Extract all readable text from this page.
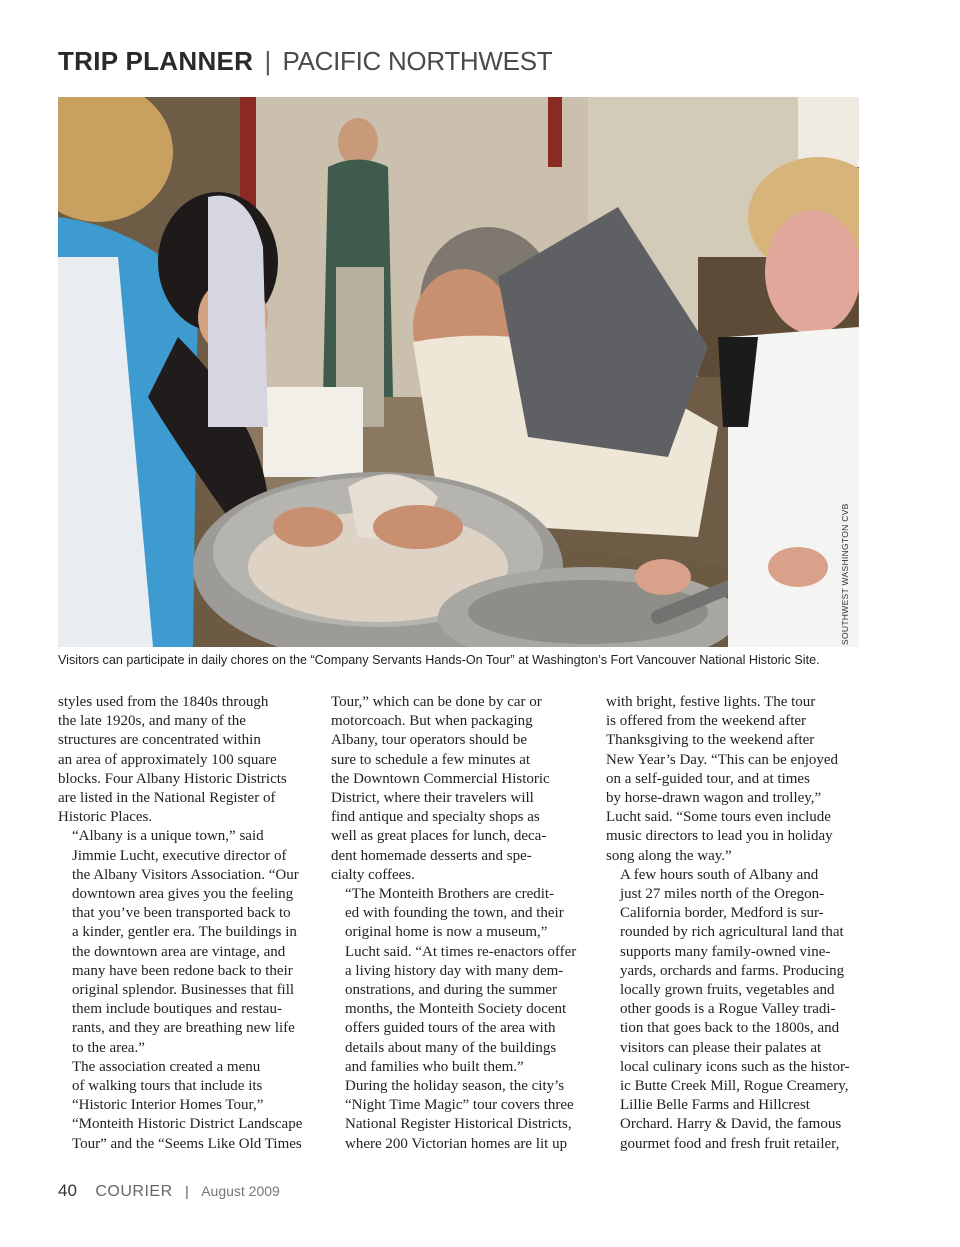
TRIP PLANNER | PACIFIC NORTHWEST
SOUTHWEST WASHINGTON CVB
Visitors can participate in daily chores on the “Company Servants Hands-On Tour” at Washington’s Fort Vancouver National Historic Site.

styles used from the 1840s through
the late 1920s, and many of the
structures are concentrated within
an area of approximately 100 square
blocks. Four Albany Historic Districts
are listed in the National Register of
Historic Places.

“Albany is a unique town,” said
Jimmie Lucht, executive director of
the Albany Visitors Association. “Our
downtown area gives you the feeling
that you’ve been transported back to
a kinder, gentler era. The buildings in
the downtown area are vintage, and
many have been redone back to their
original splendor. Businesses that fill
them include boutiques and restau-
rants, and they are breathing new life
to the area.”

The association created a menu
of walking tours that include its
“Historic Interior Homes Tour,”
“Monteith Historic District Landscape
Tour” and the “Seems Like Old Times

Tour,” which can be done by car or
motorcoach. But when packaging
Albany, tour operators should be
sure to schedule a few minutes at
the Downtown Commercial Historic
District, where their travelers will
find antique and specialty shops as
well as great places for lunch, deca-
dent homemade desserts and spe-
cialty coffees.

“The Monteith Brothers are credit-
ed with founding the town, and their
original home is now a museum,”
Lucht said. “At times re-enactors offer
a living history day with many dem-
onstrations, and during the summer
months, the Monteith Society docent
offers guided tours of the area with
details about many of the buildings
and families who built them.”

During the holiday season, the city’s
“Night Time Magic” tour covers three
National Register Historical Districts,
where 200 Victorian homes are lit up

with bright, festive lights. The tour
is offered from the weekend after
Thanksgiving to the weekend after
New Year’s Day. “This can be enjoyed
on a self-guided tour, and at times
by horse-drawn wagon and trolley,”
Lucht said. “Some tours even include
music directors to lead you in holiday
song along the way.”

A few hours south of Albany and
just 27 miles north of the Oregon-
California border, Medford is sur-
rounded by rich agricultural land that
supports many family-owned vine-
yards, orchards and farms. Producing
locally grown fruits, vegetables and
other goods is a Rogue Valley tradi-
tion that goes back to the 1800s, and
visitors can please their palates at
local culinary icons such as the histor-
ic Butte Creek Mill, Rogue Creamery,
Lillie Belle Farms and Hillcrest
Orchard. Harry & David, the famous
gourmet food and fresh fruit retailer,

40 COURIER | August 2009
